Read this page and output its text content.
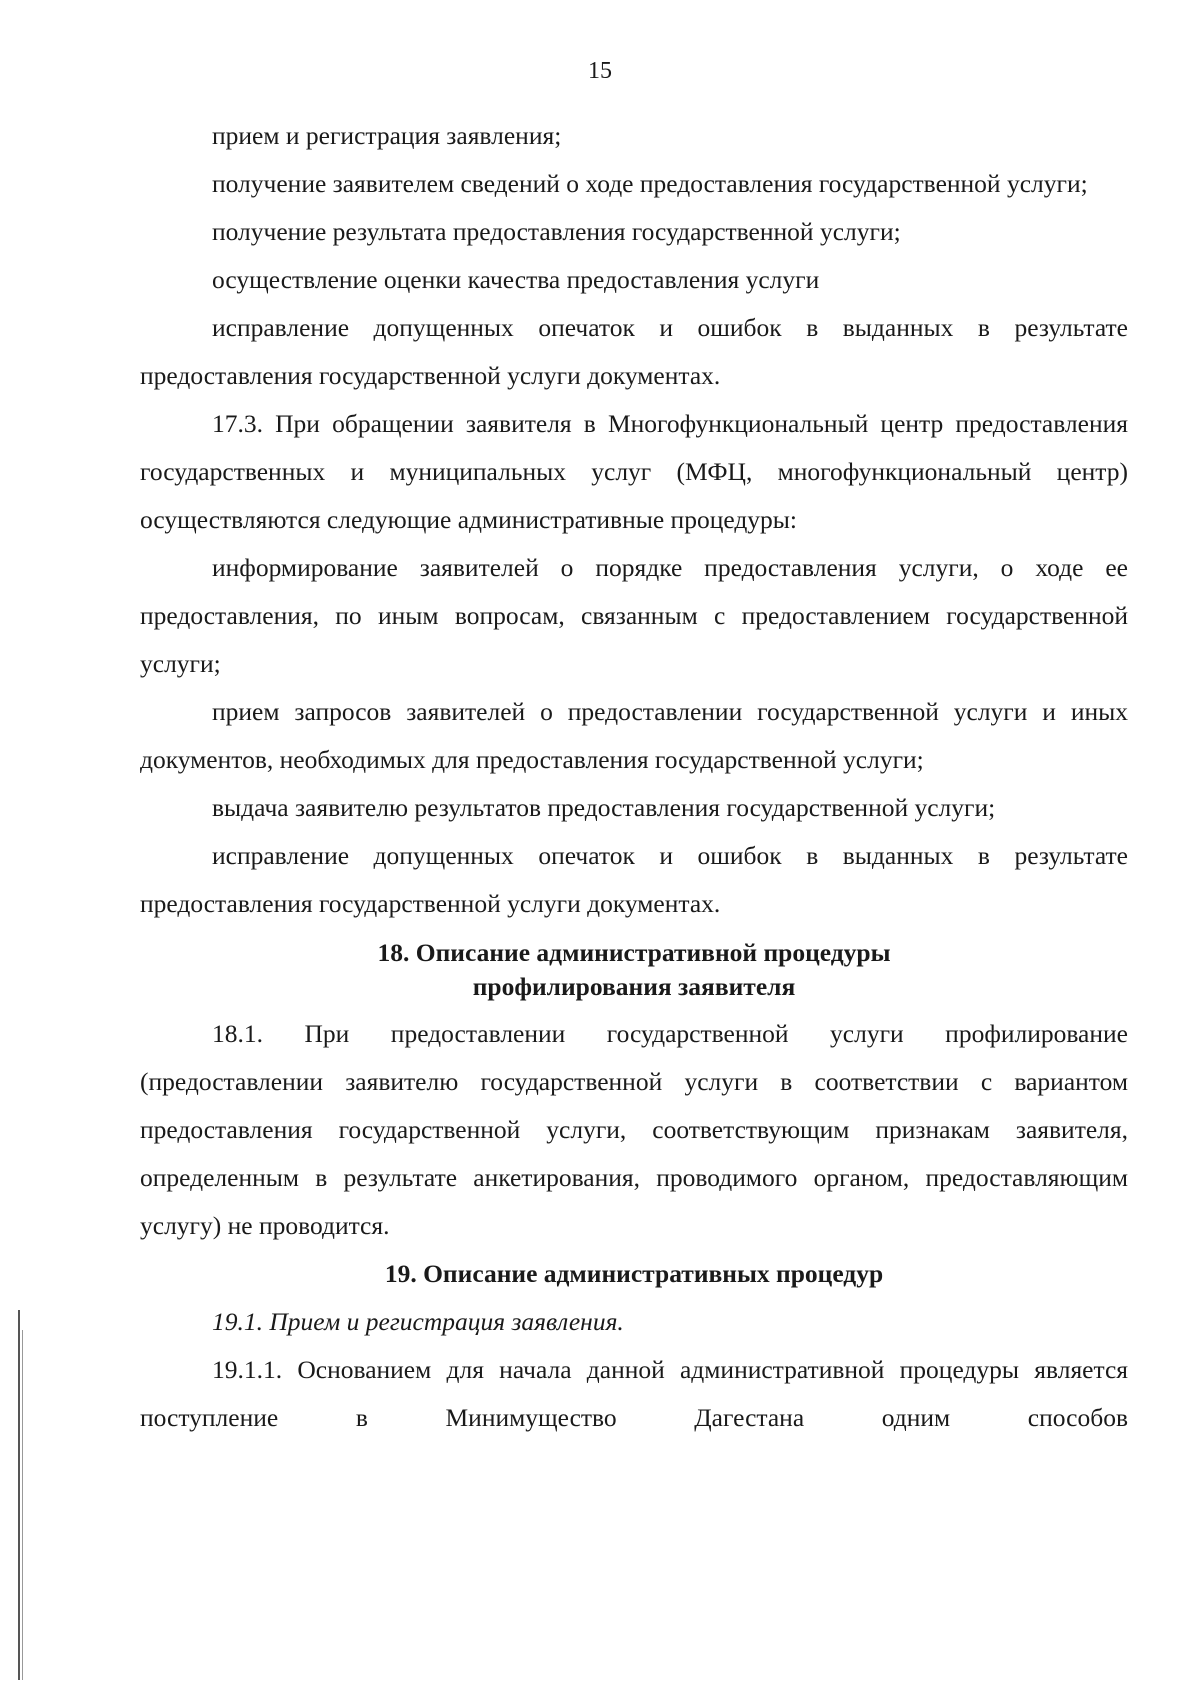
15

прием и регистрация заявления;

получение заявителем сведений о ходе предоставления государственной услуги;

получение результата предоставления государственной услуги;

осуществление оценки качества предоставления услуги

исправление допущенных опечаток и ошибок в выданных в результате предоставления государственной услуги документах.

17.3. При обращении заявителя в Многофункциональный центр предоставления государственных и муниципальных услуг (МФЦ, многофункциональный центр) осуществляются следующие административные процедуры:

информирование заявителей о порядке предоставления услуги, о ходе ее предоставления, по иным вопросам, связанным с предоставлением государственной услуги;

прием запросов заявителей о предоставлении государственной услуги и иных документов, необходимых для предоставления государственной услуги;

выдача заявителю результатов предоставления государственной услуги;

исправление допущенных опечаток и ошибок в выданных в результате предоставления государственной услуги документах.

18. Описание административной процедуры
профилирования заявителя

18.1. При предоставлении государственной услуги профилирование (предоставлении заявителю государственной услуги в соответствии с вариантом предоставления государственной услуги, соответствующим признакам заявителя, определенным в результате анкетирования, проводимого органом, предоставляющим услугу) не проводится.

19. Описание административных процедур

19.1. Прием и регистрация заявления.

19.1.1. Основанием для начала данной административной процедуры является поступление в Минимущество Дагестана одним способов
